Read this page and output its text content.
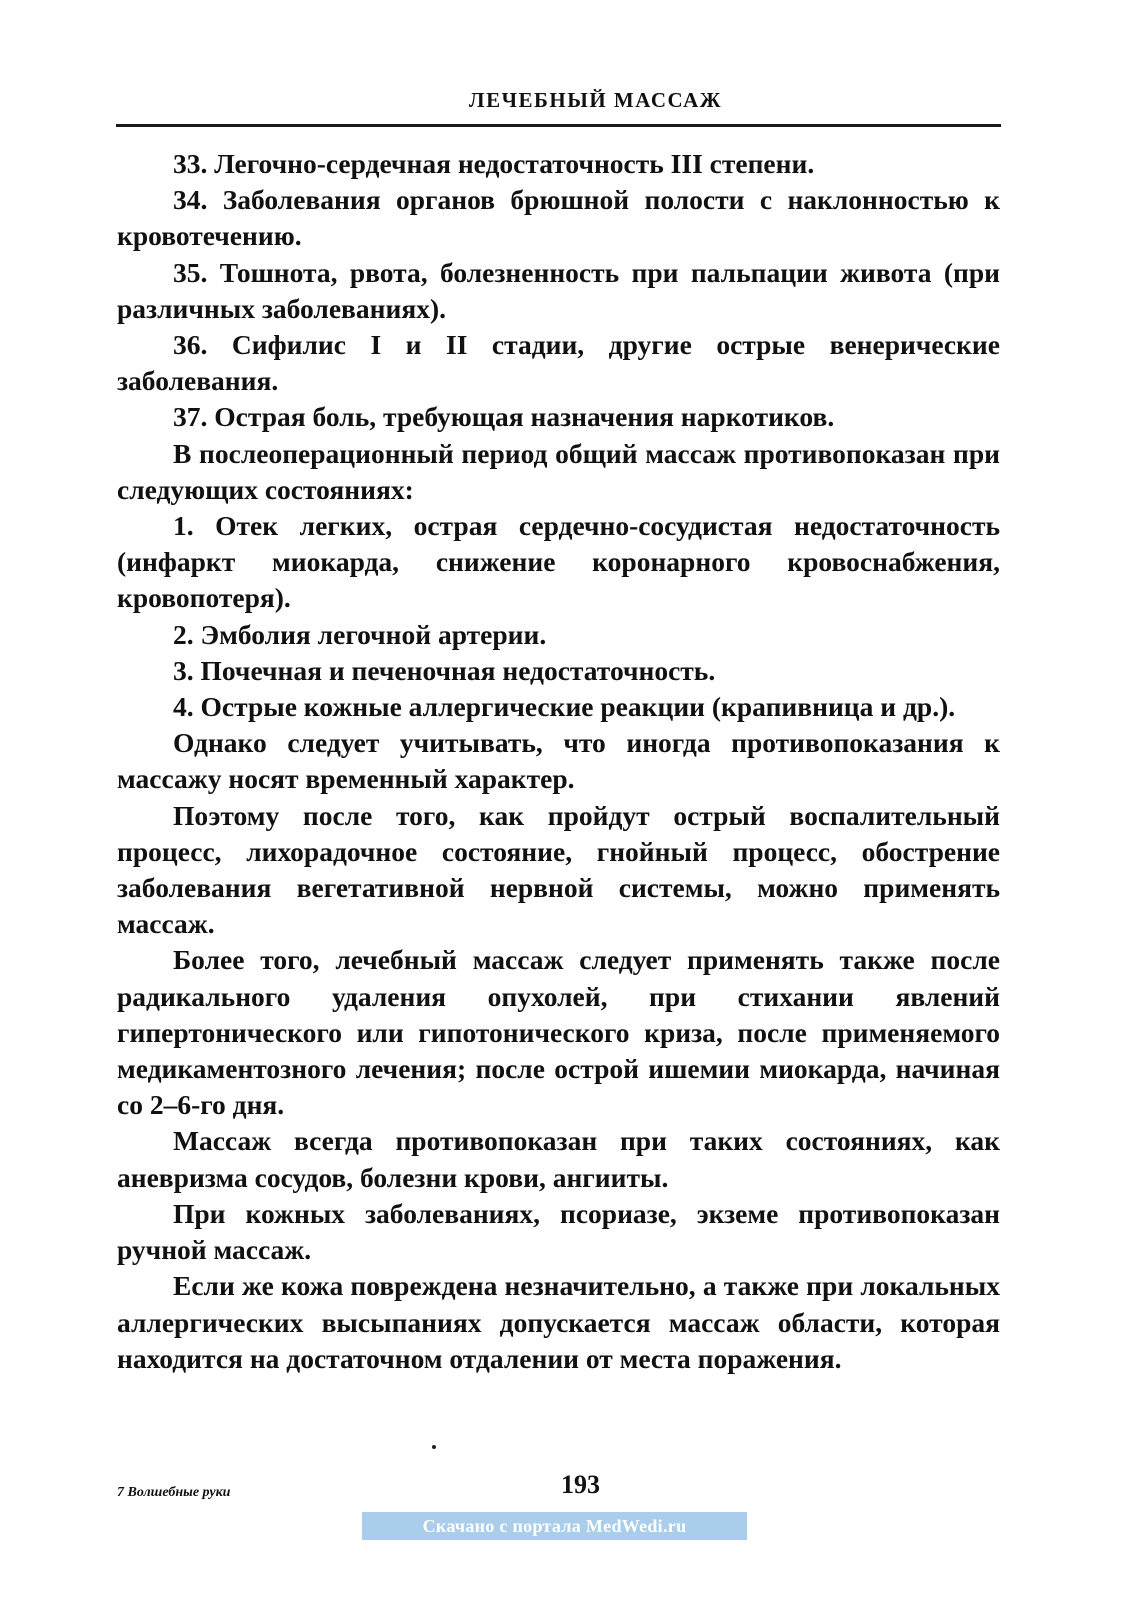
ЛЕЧЕБНЫЙ МАССАЖ

33. Легочно-сердечная недостаточность III степени.

34. Заболевания органов брюшной полости с наклонностью к кровотечению.

35. Тошнота, рвота, болезненность при пальпации живота (при различных заболеваниях).

36. Сифилис I и II стадии, другие острые венерические заболевания.

37. Острая боль, требующая назначения наркотиков.

В послеоперационный период общий массаж противопоказан при следующих состояниях:

1. Отек легких, острая сердечно-сосудистая недостаточность (инфаркт миокарда, снижение коронарного кровоснабжения, кровопотеря).

2. Эмболия легочной артерии.

3. Почечная и печеночная недостаточность.

4. Острые кожные аллергические реакции (крапивница и др.).

Однако следует учитывать, что иногда противопоказания к массажу носят временный характер.

Поэтому после того, как пройдут острый воспалительный процесс, лихорадочное состояние, гнойный процесс, обострение заболевания вегетативной нервной системы, можно применять массаж.

Более того, лечебный массаж следует применять также после радикального удаления опухолей, при стихании явлений гипертонического или гипотонического криза, после применяемого медикаментозного лечения; после острой ишемии миокарда, начиная со 2–6-го дня.

Массаж всегда противопоказан при таких состояниях, как аневризма сосудов, болезни крови, ангииты.

При кожных заболеваниях, псориазе, экземе противопоказан ручной массаж.

Если же кожа повреждена незначительно, а также при локальных аллергических высыпаниях допускается массаж области, которая находится на достаточном отдалении от места поражения.

7 Волшебные руки	193
Скачано с портала MedWedi.ru
